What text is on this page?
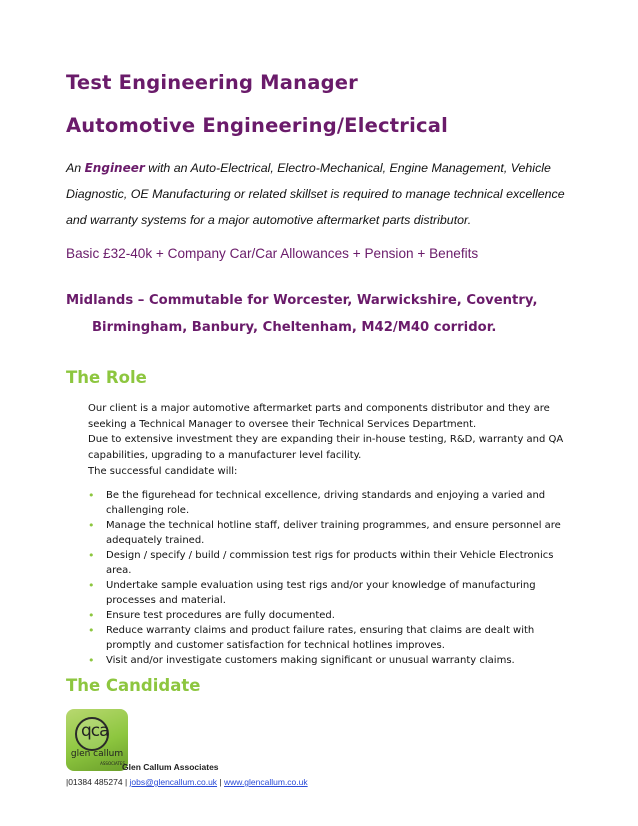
Test Engineering Manager
Automotive Engineering/Electrical
An Engineer with an Auto-Electrical, Electro-Mechanical, Engine Management, Vehicle Diagnostic, OE Manufacturing or related skillset is required to manage technical excellence and warranty systems for a major automotive aftermarket parts distributor.
Basic £32-40k + Company Car/Car Allowances + Pension + Benefits
Midlands – Commutable for Worcester, Warwickshire, Coventry,
Birmingham, Banbury, Cheltenham, M42/M40 corridor.
The Role

Our client is a major automotive aftermarket parts and components distributor and they are seeking a Technical Manager to oversee their Technical Services Department.

Due to extensive investment they are expanding their in-house testing, R&D, warranty and QA capabilities, upgrading to a manufacturer level facility.

The successful candidate will:
• Be the figurehead for technical excellence, driving standards and enjoying a varied and challenging role.
• Manage the technical hotline staff, deliver training programmes, and ensure personnel are adequately trained.
• Design / specify / build / commission test rigs for products within their Vehicle Electronics area.
• Undertake sample evaluation using test rigs and/or your knowledge of manufacturing processes and material.
• Ensure test procedures are fully documented.
• Reduce warranty claims and product failure rates, ensuring that claims are dealt with promptly and customer satisfaction for technical hotlines improves.
• Visit and/or investigate customers making significant or unusual warranty claims.
The Candidate
qca
glen callum
ASSOCIATES
Glen Callum Associates
|01384 485274 | jobs@glencallum.co.uk | www.glencallum.co.uk
